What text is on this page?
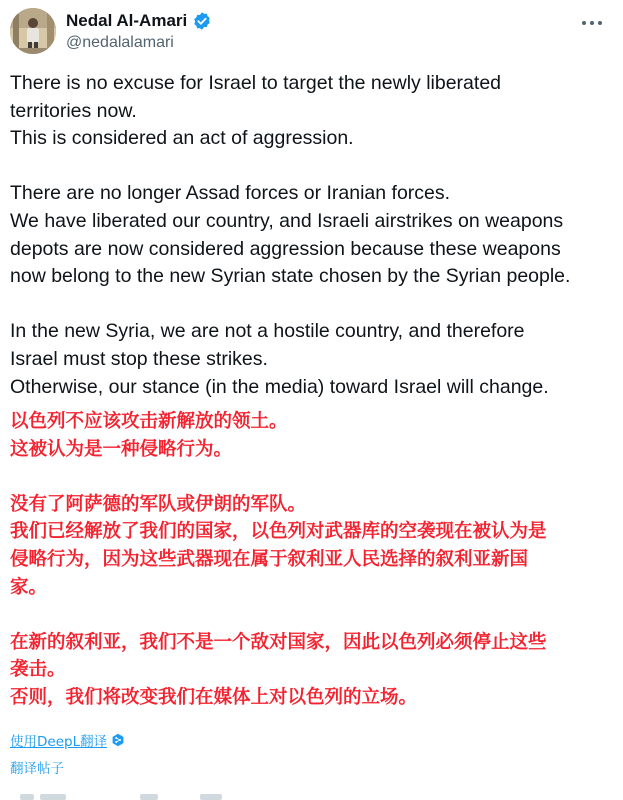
Nedal Al-Amari
@nedalalamari

There is no excuse for Israel to target the newly liberated

territories now.

This is considered an act of aggression.

There are no longer Assad forces or Iranian forces.

We have liberated our country, and Israeli airstrikes on weapons

depots are now considered aggression because these weapons

now belong to the new Syrian state chosen by the Syrian people.

In the new Syria, we are not a hostile country, and therefore

Israel must stop these strikes.

Otherwise, our stance (in the media) toward Israel will change.

以色列不应该攻击新解放的领土。

这被认为是一种侵略行为。

没有了阿萨德的军队或伊朗的军队。

我们已经解放了我们的国家，以色列对武器库的空袭现在被认为是

侵略行为，因为这些武器现在属于叙利亚人民选择的叙利亚新国

家。

在新的叙利亚，我们不是一个敌对国家，因此以色列必须停止这些

袭击。

否则，我们将改变我们在媒体上对以色列的立场。

使用DeepL翻译
翻译帖子
